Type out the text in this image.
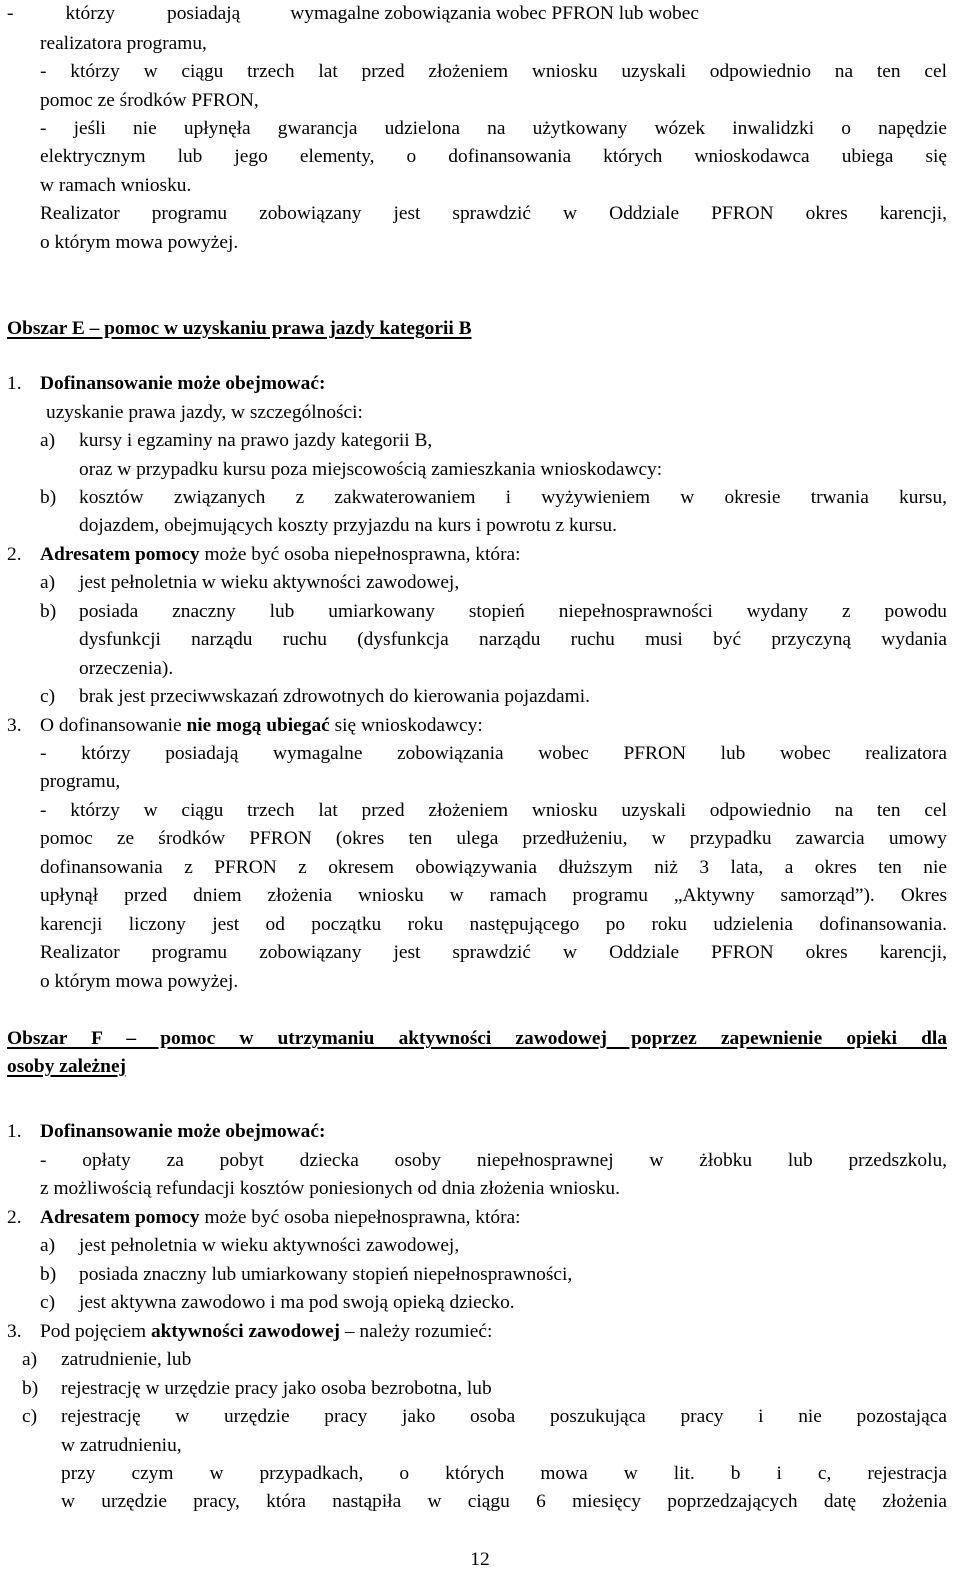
-	którzy	posiadają	wymagalne zobowiązania wobec PFRON lub wobec
realizatora programu,
- którzy w ciągu trzech lat przed złożeniem wniosku uzyskali odpowiednio na ten cel
pomoc ze środków PFRON,
- jeśli nie upłynęła gwarancja udzielona na użytkowany wózek inwalidzki o napędzie
elektrycznym lub jego elementy, o dofinansowania których wnioskodawca ubiega się
w ramach wniosku.
Realizator programu zobowiązany jest sprawdzić w Oddziale PFRON okres karencji,
o którym mowa powyżej.
Obszar E – pomoc w uzyskaniu prawa jazdy kategorii B
1. Dofinansowanie może obejmować:
uzyskanie prawa jazdy, w szczególności:
a)	kursy i egzaminy na prawo jazdy kategorii B,
oraz w przypadku kursu poza miejscowością zamieszkania wnioskodawcy:
b)	kosztów związanych z zakwaterowaniem i wyżywieniem w okresie trwania kursu,
dojazdem, obejmujących koszty przyjazdu na kurs i powrotu z kursu.
2. Adresatem pomocy może być osoba niepełnosprawna, która:
a)	jest pełnoletnia w wieku aktywności zawodowej,
b)	posiada znaczny lub umiarkowany stopień niepełnosprawności wydany z powodu
dysfunkcji narządu ruchu (dysfunkcja narządu ruchu musi być przyczyną wydania
orzeczenia).
c)	brak jest przeciwwskazań zdrowotnych do kierowania pojazdami.
3. O dofinansowanie nie mogą ubiegać się wnioskodawcy:
- którzy posiadają wymagalne zobowiązania wobec PFRON lub wobec realizatora
programu,
- którzy w ciągu trzech lat przed złożeniem wniosku uzyskali odpowiednio na ten cel
pomoc ze środków PFRON (okres ten ulega przedłużeniu, w przypadku zawarcia umowy
dofinansowania z PFRON z okresem obowiązywania dłuższym niż 3 lata, a okres ten nie
upłynął przed dniem złożenia wniosku w ramach programu „Aktywny samorząd”). Okres
karencji liczony jest od początku roku następującego po roku udzielenia dofinansowania.
Realizator programu zobowiązany jest sprawdzić w Oddziale PFRON okres karencji,
o którym mowa powyżej.
Obszar F – pomoc w utrzymaniu aktywności zawodowej poprzez zapewnienie opieki dla
osoby zależnej
1. Dofinansowanie może obejmować:
- opłaty za pobyt dziecka osoby niepełnosprawnej w żłobku lub przedszkolu,
z możliwością refundacji kosztów poniesionych od dnia złożenia wniosku.
2. Adresatem pomocy może być osoba niepełnosprawna, która:
a)	jest pełnoletnia w wieku aktywności zawodowej,
b)	posiada znaczny lub umiarkowany stopień niepełnosprawności,
c)	jest aktywna zawodowo i ma pod swoją opieką dziecko.
3. Pod pojęciem aktywności zawodowej – należy rozumieć:
a)	zatrudnienie, lub
b)	rejestrację w urzędzie pracy jako osoba bezrobotna, lub
c)	rejestrację w urzędzie pracy jako osoba poszukująca pracy i nie pozostająca
w zatrudnieniu,
przy czym w przypadkach, o których mowa w lit. b i c, rejestracja
w urzędzie pracy, która nastąpiła w ciągu 6 miesięcy poprzedzających datę złożenia
12
